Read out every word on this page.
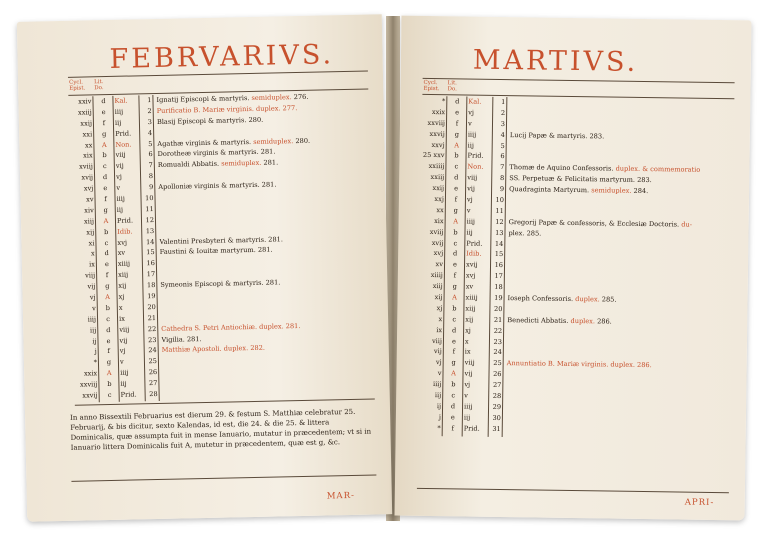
FEBRVARIVS.
Cycl. Epist.
Lit. Do.
xxiv
xxiij
xxij
xxi
xx
xix
xviij
xvij
xvj
xv
xiv
xiij
xij
xi
x
ix
viij
vij
vj
v
iiij
iij
ij
j
*
xxix
xxviij
xxvij
d
e
f
g
A
b
c
d
e
f
g
A
b
c
d
e
f
g
A
b
c
d
e
f
g
A
b
c
Kal.
iiij
iij
Prid.
Non.
viij
vij
vj
v
iiij
iij
Prid.
Idib.
xvj
xv
xiiij
xiij
xij
xj
x
ix
viij
vij
vj
v
iiij
iij
Prid.
1
2
3
4
5
6
7
8
9
10
11
12
13
14
15
16
17
18
19
20
21
22
23
24
25
26
27
28
Ignatij Episcopi & martyris. semiduplex. 276.
Purificatio B. Mariæ virginis. duplex. 277.
Blasij Episcopi & martyris. 280.
Agathæ virginis & martyris. semiduplex. 280.
Dorotheæ virginis & martyris. 281.
Romualdi Abbatis. semiduplex. 281.
Apolloniæ virginis & martyris. 281.
Valentini Presbyteri & martyris. 281.
Faustini & Iouitæ martyrum. 281.
Symeonis Episcopi & martyris. 281.
Cathedra S. Petri Antiochiæ. duplex. 281.
Vigilia. 281.
Matthiæ Apostoli. duplex. 282.
In anno Bissextili Februarius est dierum 29. & festum S. Matthiæ celebratur 25. Februarij, & bis dicitur, sexto Kalendas, id est, die 24. & die 25. & littera Dominicalis, quæ assumpta fuit in mense Ianuario, mutatur in præcedentem; vt si in Ianuario littera Dominicalis fuit A, mutetur in præcedentem, quæ est g, &c.
MAR-
MARTIVS.
Cycl. Epist.
Lit. Do.
*
xxix
xxviij
xxvij
xxvj
25 xxv
xxiiij
xxiij
xxij
xxj
xx
xix
xviij
xvij
xvj
xv
xiiij
xiij
xij
xj
x
ix
viij
vij
vj
v
iiij
iij
ij
j
*
d
e
f
g
A
b
c
d
e
f
g
A
b
c
d
e
f
g
A
b
c
d
e
f
g
A
b
c
d
e
f
Kal.
vj
v
iiij
iij
Prid.
Non.
viij
vij
vj
v
iiij
iij
Prid.
Idib.
xvij
xvj
xv
xiiij
xiij
xij
xj
x
ix
viij
vij
vj
v
iiij
iij
Prid.
1
2
3
4
5
6
7
8
9
10
11
12
13
14
15
16
17
18
19
20
21
22
23
24
25
26
27
28
29
30
31
Lucij Papæ & martyris. 283.
Thomæ de Aquino Confessoris. duplex. & commemoratio
SS. Perpetuæ & Felicitatis martyrum. 283.
Quadraginta Martyrum. semiduplex. 284.
Gregorij Papæ & confessoris, & Ecclesiæ Doctoris. du-
plex. 285.
Ioseph Confessoris. duplex. 285.
Benedicti Abbatis. duplex. 286.
Annuntiatio B. Mariæ virginis. duplex. 286.
APRI-
